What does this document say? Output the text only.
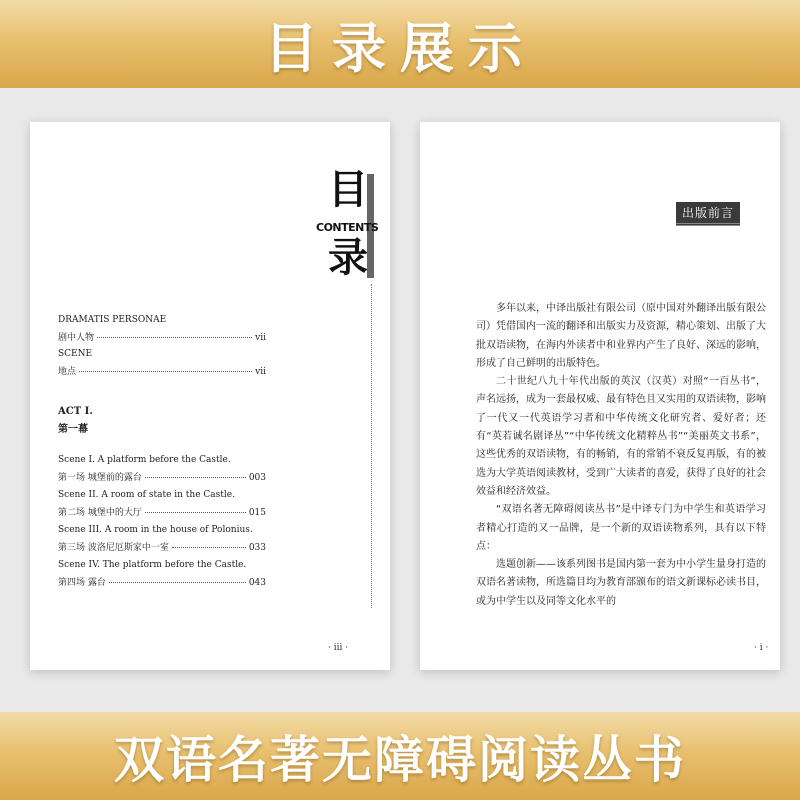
目录展示
目
CONTENTS
录
DRAMATIS PERSONAE
剧中人物	vii
SCENE
地点	vii
ACT I.
第一幕
Scene I. A platform before the Castle.
第一场 城堡前的露台	003
Scene II. A room of state in the Castle.
第二场 城堡中的大厅	015
Scene III. A room in the house of Polonius.
第三场 波洛尼厄斯家中一室	033
Scene IV. The platform before the Castle.
第四场 露台	043
· iii ·
出版前言

多年以来，中译出版社有限公司（原中国对外翻译出版有限公司）凭借国内一流的翻译和出版实力及资源，精心策划、出版了大批双语读物，在海内外读者中和业界内产生了良好、深远的影响，形成了自己鲜明的出版特色。

二十世纪八九十年代出版的英汉（汉英）对照“一百丛书”，声名远扬，成为一套最权威、最有特色且又实用的双语读物，影响了一代又一代英语学习者和中华传统文化研究者、爱好者；还有“英若诚名剧译丛”“中华传统文化精粹丛书”“美丽英文书系”，这些优秀的双语读物，有的畅销，有的常销不衰反复再版，有的被选为大学英语阅读教材，受到广大读者的喜爱，获得了良好的社会效益和经济效益。

“双语名著无障碍阅读丛书”是中译专门为中学生和英语学习者精心打造的又一品牌，是一个新的双语读物系列，具有以下特点：

选题创新——该系列图书是国内第一套为中小学生量身打造的双语名著读物，所选篇目均为教育部颁布的语文新课标必读书目，或为中学生以及同等文化水平的

· i ·
双语名著无障碍阅读丛书
